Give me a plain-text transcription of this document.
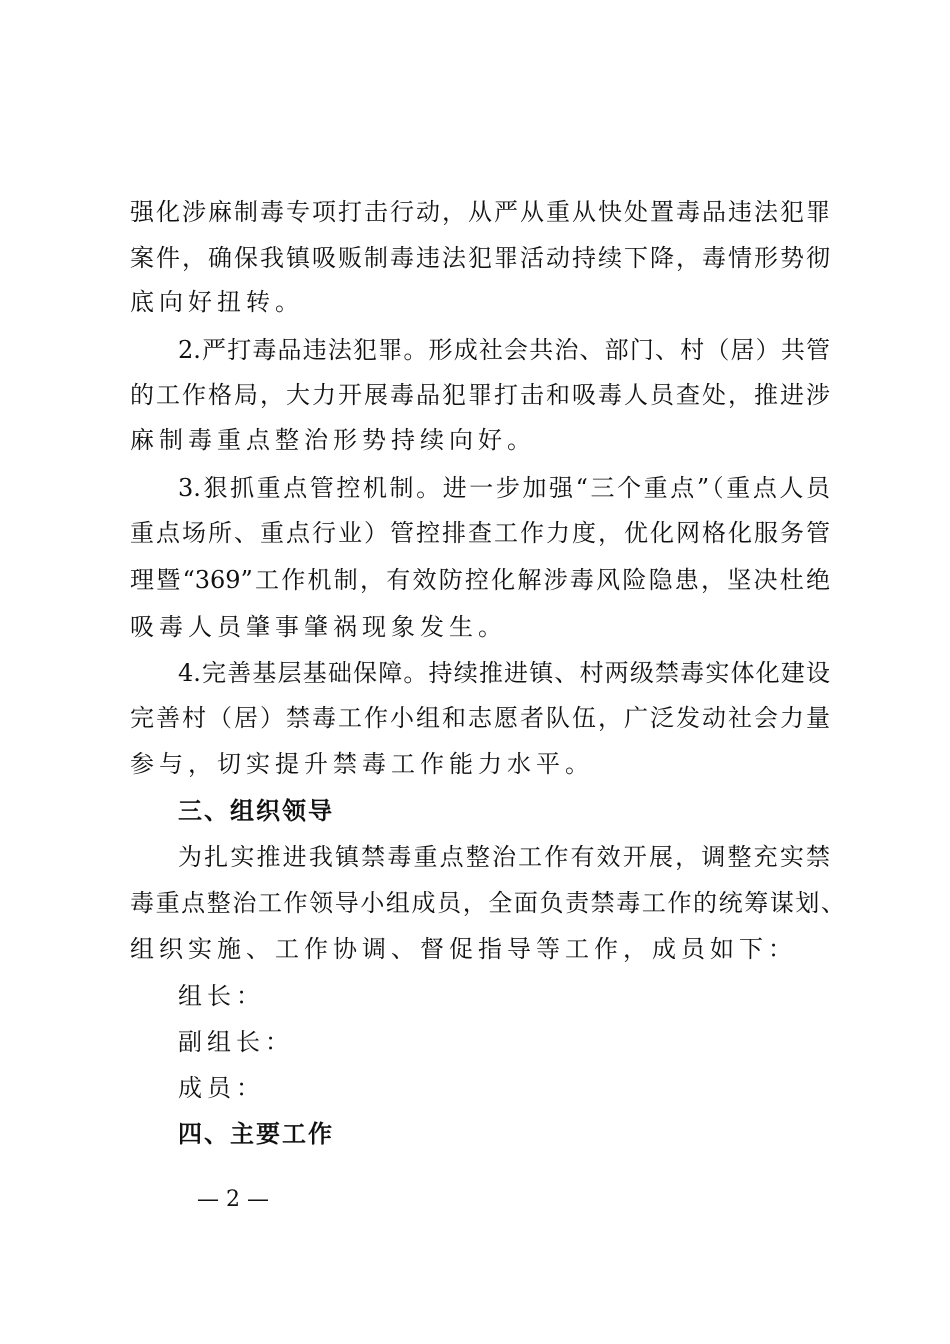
强化涉麻制毒专项打击行动，从严从重从快处置毒品违法犯罪
案件，确保我镇吸贩制毒违法犯罪活动持续下降，毒情形势彻
底向好扭转。
2.严打毒品违法犯罪。形成社会共治、部门、村（居）共管
的工作格局，大力开展毒品犯罪打击和吸毒人员查处，推进涉
麻制毒重点整治形势持续向好。
3.狠抓重点管控机制。进一步加强“三个重点”（重点人员
重点场所、重点行业）管控排查工作力度，优化网格化服务管
理暨“369”工作机制，有效防控化解涉毒风险隐患，坚决杜绝
吸毒人员肇事肇祸现象发生。
4.完善基层基础保障。持续推进镇、村两级禁毒实体化建设
完善村（居）禁毒工作小组和志愿者队伍，广泛发动社会力量
参与，切实提升禁毒工作能力水平。
三、组织领导
为扎实推进我镇禁毒重点整治工作有效开展，调整充实禁
毒重点整治工作领导小组成员，全面负责禁毒工作的统筹谋划、
组织实施、工作协调、督促指导等工作，成员如下：
组长：
副组长：
成员：
四、主要工作
— 2 —
